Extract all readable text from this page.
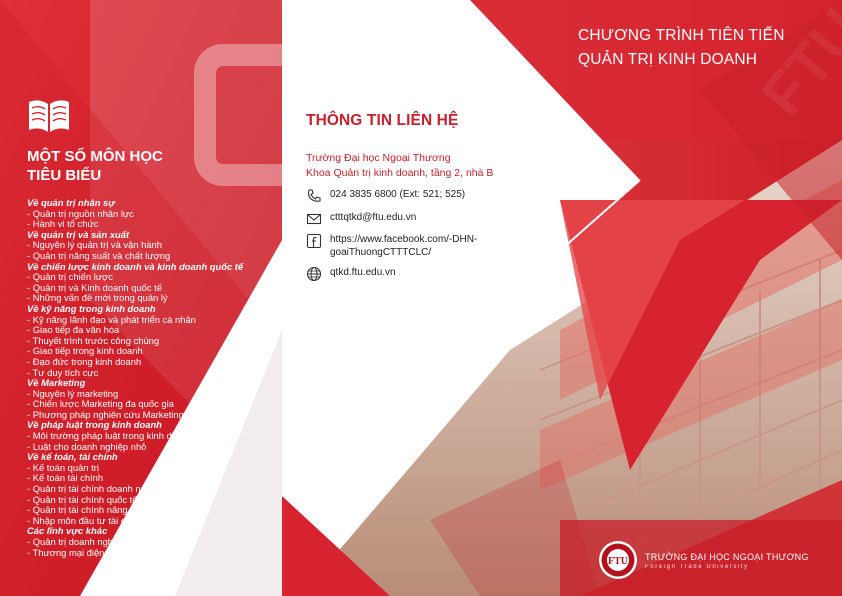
MỘT SỐ MÔN HỌC
TIÊU BIỂU
Về quản trị nhân sự
- Quản trị nguồn nhân lực
- Hành vi tổ chức
Về quản trị và sản xuất
- Nguyên lý quản trị và vận hành
- Quản trị năng suất và chất lượng
Về chiến lược kinh doanh và kinh doanh quốc tế
- Quản trị chiến lược
- Quản trị và Kinh doanh quốc tế
- Những vấn đề mới trong quản lý
Về kỹ năng trong kinh doanh
- Kỹ năng lãnh đạo và phát triển cá nhân
- Giao tiếp đa văn hóa
- Thuyết trình trước công chúng
- Giao tiếp trong kinh doanh
- Đạo đức trong kinh doanh
- Tư duy tích cực
Về Marketing
- Nguyên lý marketing
- Chiến lược Marketing đa quốc gia
- Phương pháp nghiên cứu Marketing
Về pháp luật trong kinh doanh
- Môi trường pháp luật trong kinh doanh
- Luật cho doanh nghiệp nhỏ
Về kế toán, tài chính
- Kế toán quản trị
- Kế toán tài chính
- Quản trị tài chính doanh nghiệp
- Quản trị tài chính quốc tế
- Quản trị tài chính nâng cao
- Nhập môn đầu tư tài chính
Các lĩnh vực khác
- Quản trị doanh nghiệp nhỏ
- Thương mại điện tử
CHƯƠNG TRÌNH TIÊN TIẾN
QUẢN TRỊ KINH DOANH
THÔNG TIN LIÊN HỆ
Trường Đại học Ngoại Thương
Khoa Quản trị kinh doanh, tầng 2, nhà B
024 3835 6800 (Ext: 521; 525)
ctttqtkd@ftu.edu.vn
https://www.facebook.com/-DHN-
goaiThuongCTTTCLC/
qtkd.ftu.edu.vn
FTU TRƯỜNG ĐẠI HỌC NGOẠI THƯƠNG
Foreign Trade University
